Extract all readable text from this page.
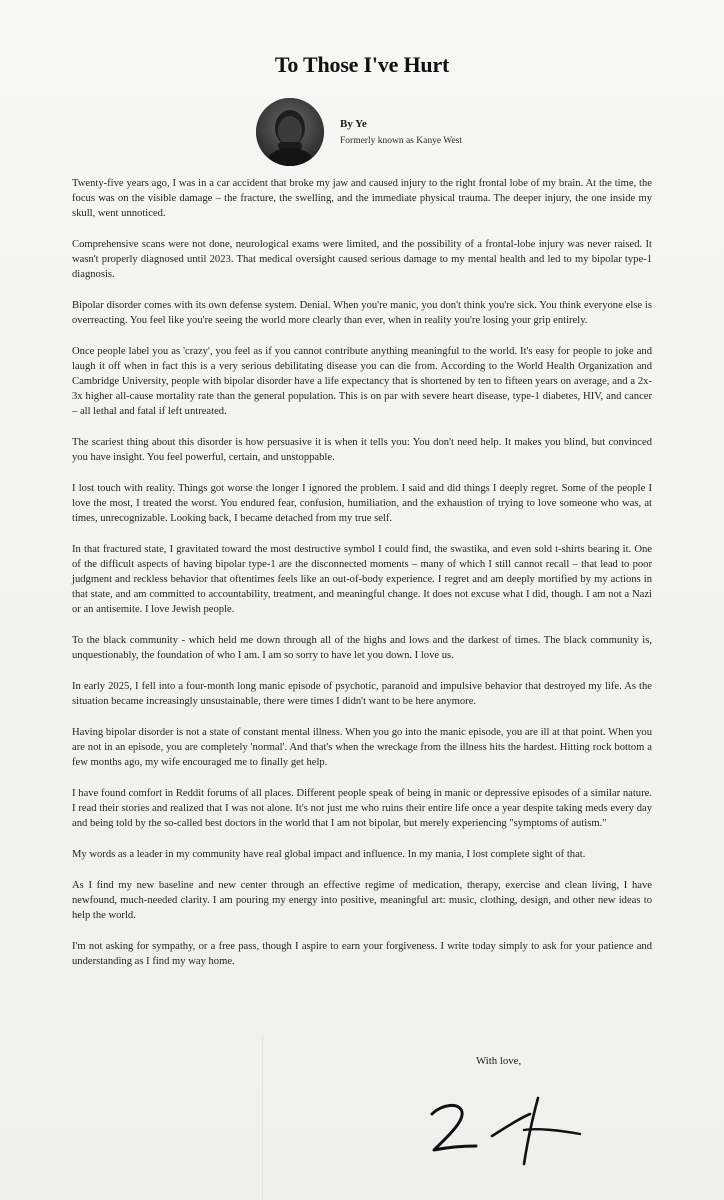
To Those I've Hurt
By Ye
Formerly known as Kanye West

Twenty-five years ago, I was in a car accident that broke my jaw and caused injury to the right frontal lobe of my brain. At the time, the focus was on the visible damage – the fracture, the swelling, and the immediate physical trauma. The deeper injury, the one inside my skull, went unnoticed.

Comprehensive scans were not done, neurological exams were limited, and the possibility of a frontal-lobe injury was never raised. It wasn't properly diagnosed until 2023. That medical oversight caused serious damage to my mental health and led to my bipolar type-1 diagnosis.

Bipolar disorder comes with its own defense system. Denial. When you're manic, you don't think you're sick. You think everyone else is overreacting. You feel like you're seeing the world more clearly than ever, when in reality you're losing your grip entirely.

Once people label you as 'crazy', you feel as if you cannot contribute anything meaningful to the world. It's easy for people to joke and laugh it off when in fact this is a very serious debilitating disease you can die from. According to the World Health Organization and Cambridge University, people with bipolar disorder have a life expectancy that is shortened by ten to fifteen years on average, and a 2x-3x higher all-cause mortality rate than the general population. This is on par with severe heart disease, type-1 diabetes, HIV, and cancer – all lethal and fatal if left untreated.

The scariest thing about this disorder is how persuasive it is when it tells you: You don't need help. It makes you blind, but convinced you have insight. You feel powerful, certain, and unstoppable.

I lost touch with reality. Things got worse the longer I ignored the problem. I said and did things I deeply regret. Some of the people I love the most, I treated the worst. You endured fear, confusion, humiliation, and the exhaustion of trying to love someone who was, at times, unrecognizable. Looking back, I became detached from my true self.

In that fractured state, I gravitated toward the most destructive symbol I could find, the swastika, and even sold t-shirts bearing it. One of the difficult aspects of having bipolar type-1 are the disconnected moments – many of which I still cannot recall – that lead to poor judgment and reckless behavior that oftentimes feels like an out-of-body experience. I regret and am deeply mortified by my actions in that state, and am committed to accountability, treatment, and meaningful change. It does not excuse what I did, though. I am not a Nazi or an antisemite. I love Jewish people.

To the black community - which held me down through all of the highs and lows and the darkest of times. The black community is, unquestionably, the foundation of who I am. I am so sorry to have let you down. I love us.

In early 2025, I fell into a four-month long manic episode of psychotic, paranoid and impulsive behavior that destroyed my life. As the situation became increasingly unsustainable, there were times I didn't want to be here anymore.

Having bipolar disorder is not a state of constant mental illness. When you go into the manic episode, you are ill at that point. When you are not in an episode, you are completely 'normal'. And that's when the wreckage from the illness hits the hardest. Hitting rock bottom a few months ago, my wife encouraged me to finally get help.

I have found comfort in Reddit forums of all places. Different people speak of being in manic or depressive episodes of a similar nature. I read their stories and realized that I was not alone. It's not just me who ruins their entire life once a year despite taking meds every day and being told by the so-called best doctors in the world that I am not bipolar, but merely experiencing "symptoms of autism."

My words as a leader in my community have real global impact and influence. In my mania, I lost complete sight of that.

As I find my new baseline and new center through an effective regime of medication, therapy, exercise and clean living, I have newfound, much-needed clarity. I am pouring my energy into positive, meaningful art: music, clothing, design, and other new ideas to help the world.

I'm not asking for sympathy, or a free pass, though I aspire to earn your forgiveness. I write today simply to ask for your patience and understanding as I find my way home.

With love,
